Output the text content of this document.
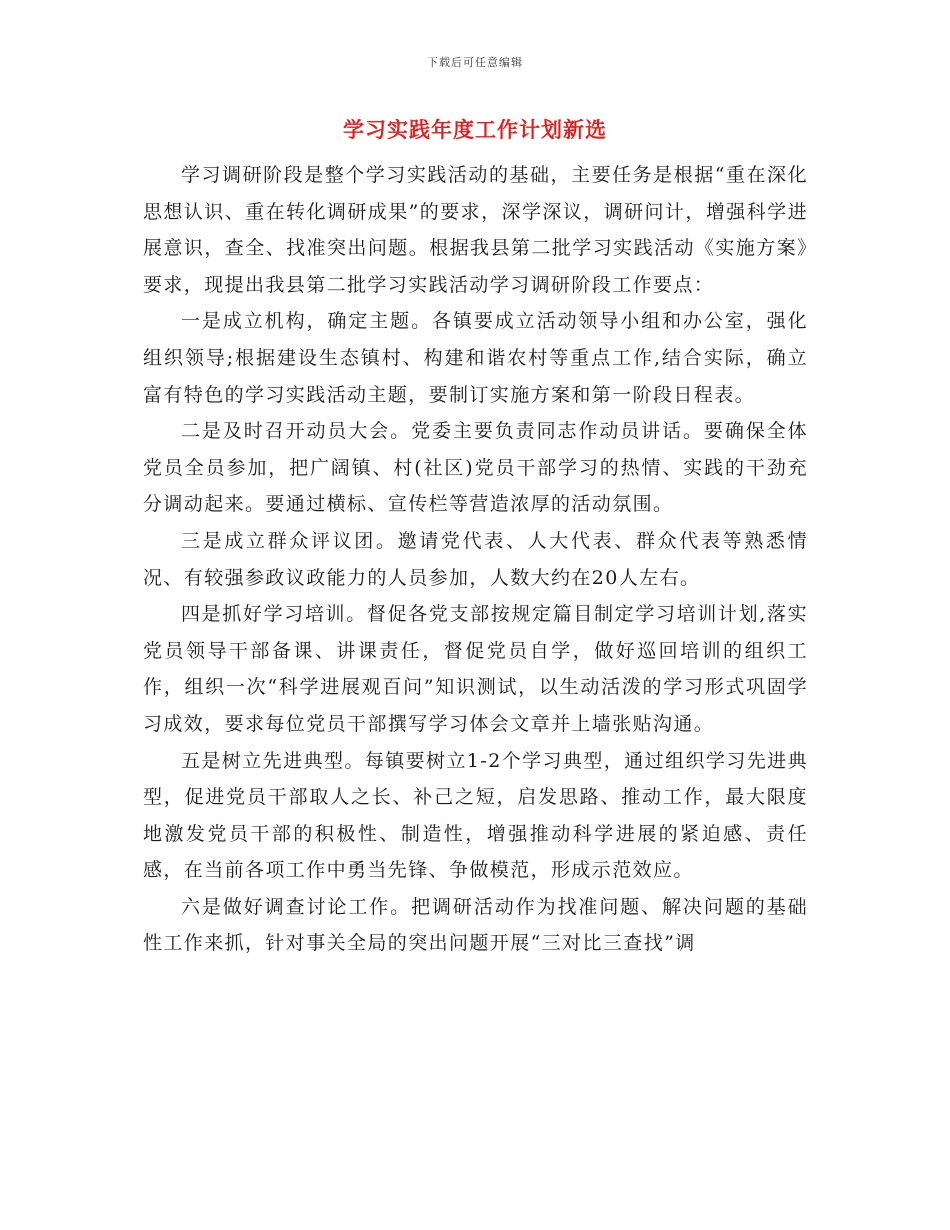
下载后可任意编辑
学习实践年度工作计划新选

学习调研阶段是整个学习实践活动的基础，主要任务是根据“重在深化思想认识、重在转化调研成果”的要求，深学深议，调研问计，增强科学进展意识，查全、找准突出问题。根据我县第二批学习实践活动《实施方案》要求，现提出我县第二批学习实践活动学习调研阶段工作要点：

一是成立机构，确定主题。各镇要成立活动领导小组和办公室，强化组织领导;根据建设生态镇村、构建和谐农村等重点工作,结合实际，确立富有特色的学习实践活动主题，要制订实施方案和第一阶段日程表。

二是及时召开动员大会。党委主要负责同志作动员讲话。要确保全体党员全员参加，把广阔镇、村(社区)党员干部学习的热情、实践的干劲充分调动起来。要通过横标、宣传栏等营造浓厚的活动氛围。

三是成立群众评议团。邀请党代表、人大代表、群众代表等熟悉情况、有较强参政议政能力的人员参加，人数大约在20人左右。

四是抓好学习培训。督促各党支部按规定篇目制定学习培训计划,落实党员领导干部备课、讲课责任，督促党员自学，做好巡回培训的组织工作，组织一次“科学进展观百问”知识测试，以生动活泼的学习形式巩固学习成效，要求每位党员干部撰写学习体会文章并上墙张贴沟通。

五是树立先进典型。每镇要树立1-2个学习典型，通过组织学习先进典型，促进党员干部取人之长、补己之短，启发思路、推动工作，最大限度地激发党员干部的积极性、制造性，增强推动科学进展的紧迫感、责任感，在当前各项工作中勇当先锋、争做模范，形成示范效应。

六是做好调查讨论工作。把调研活动作为找准问题、解决问题的基础性工作来抓，针对事关全局的突出问题开展“三对比三查找”调
